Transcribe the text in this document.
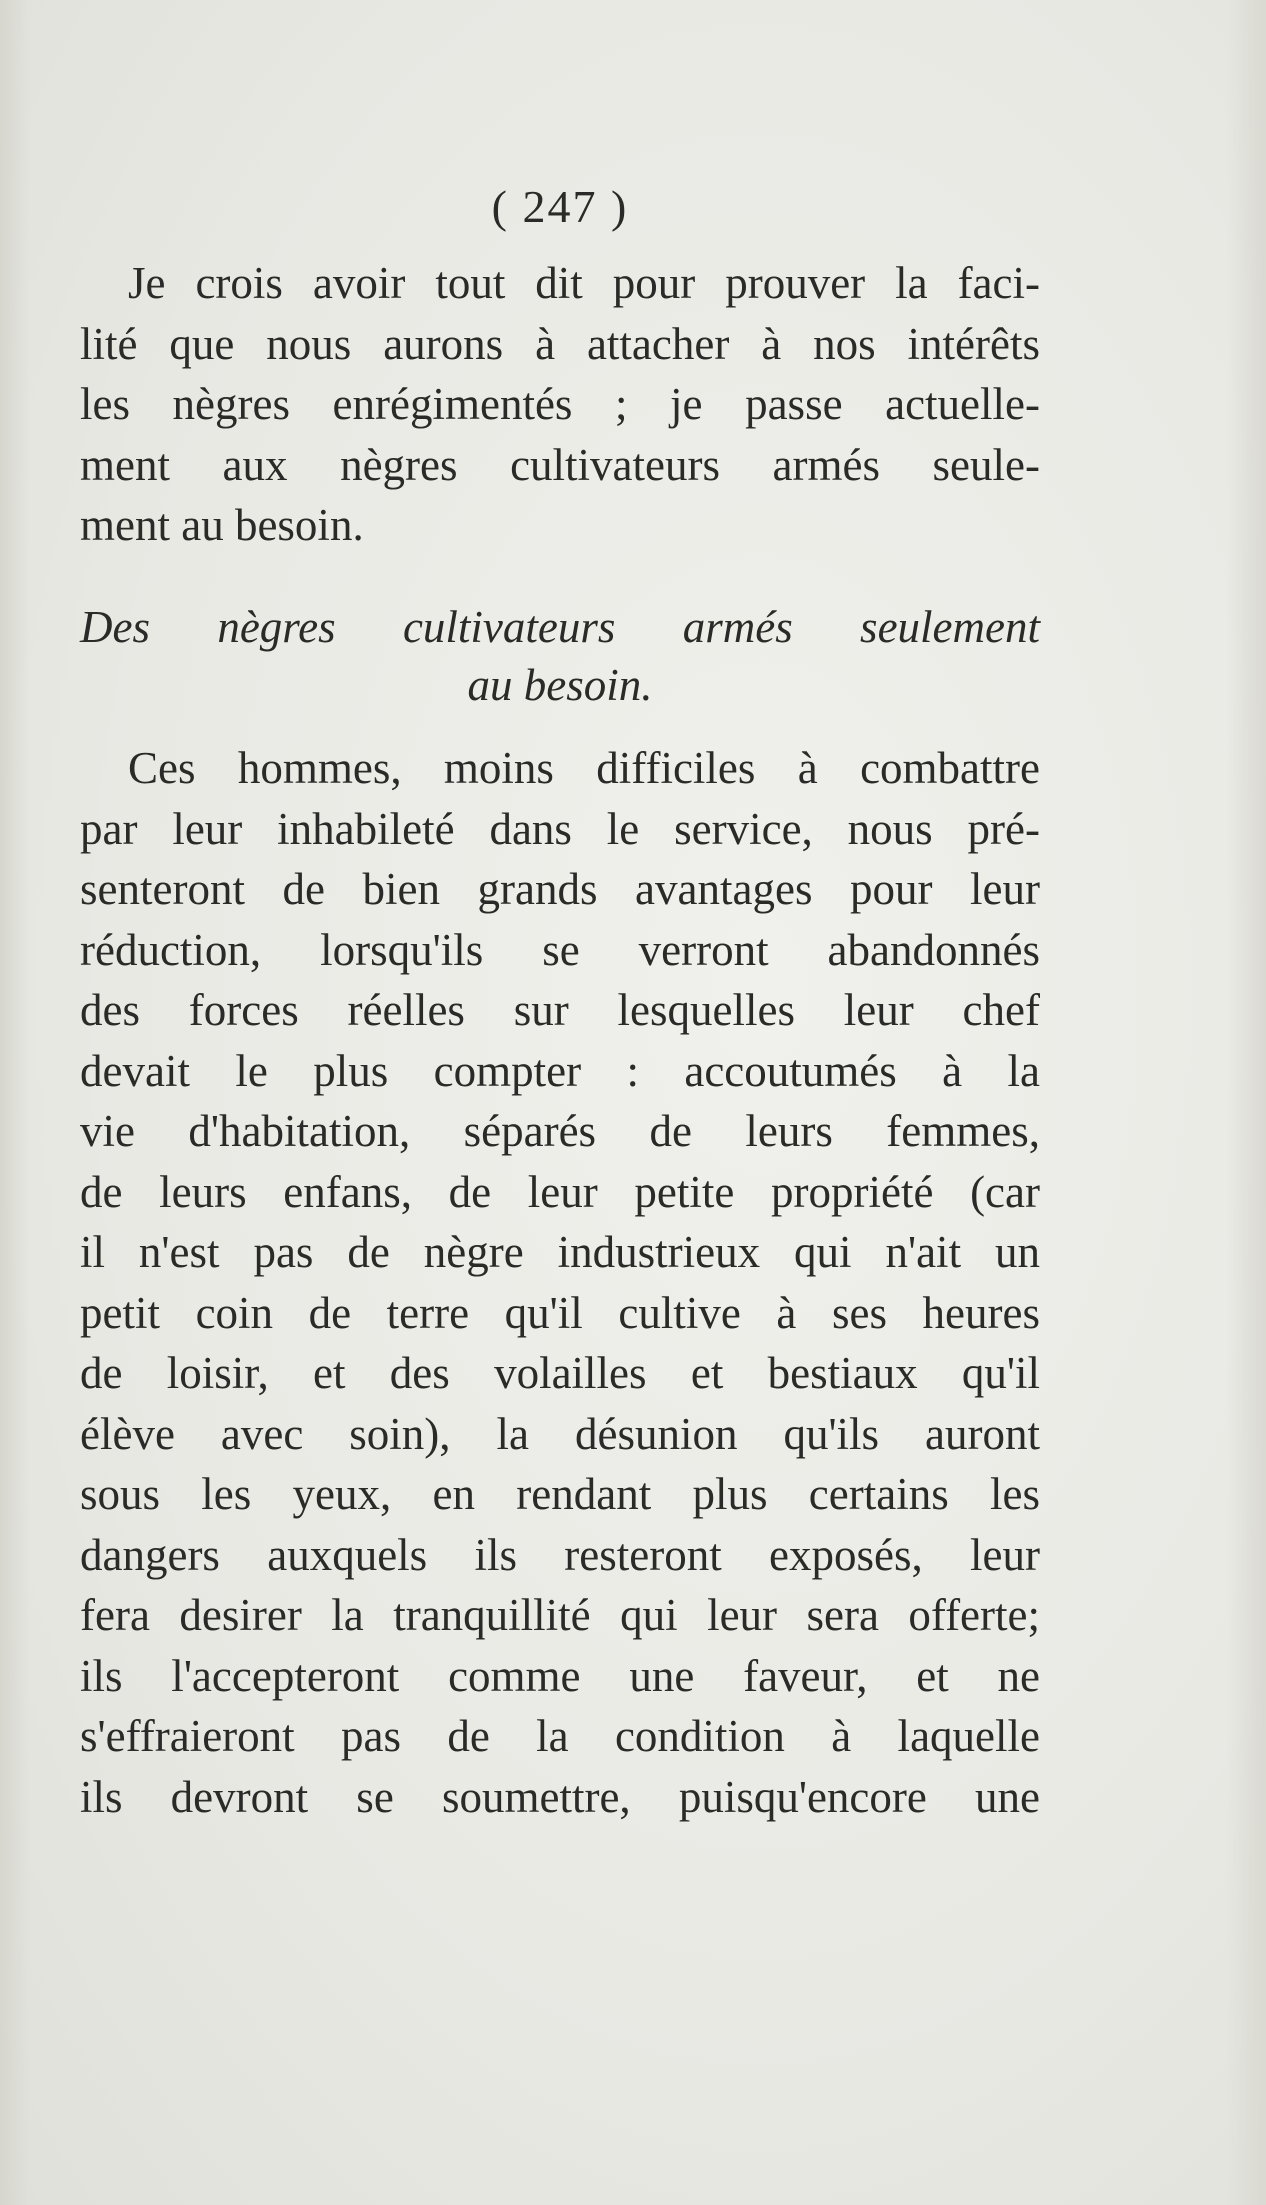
( 247 )
Je crois avoir tout dit pour prouver la faci-
lité que nous aurons à attacher à nos intérêts
les nègres enrégimentés ; je passe actuelle-
ment aux nègres cultivateurs armés seule-
ment au besoin.
Des nègres cultivateurs armés seulement
au besoin.
Ces hommes, moins difficiles à combattre
par leur inhabileté dans le service, nous pré-
senteront de bien grands avantages pour leur
réduction, lorsqu'ils se verront abandonnés
des forces réelles sur lesquelles leur chef
devait le plus compter : accoutumés à la
vie d'habitation, séparés de leurs femmes,
de leurs enfans, de leur petite propriété (car
il n'est pas de nègre industrieux qui n'ait un
petit coin de terre qu'il cultive à ses heures
de loisir, et des volailles et bestiaux qu'il
élève avec soin), la désunion qu'ils auront
sous les yeux, en rendant plus certains les
dangers auxquels ils resteront exposés, leur
fera desirer la tranquillité qui leur sera offerte;
ils l'accepteront comme une faveur, et ne
s'effraieront pas de la condition à laquelle
ils devront se soumettre, puisqu'encore une
